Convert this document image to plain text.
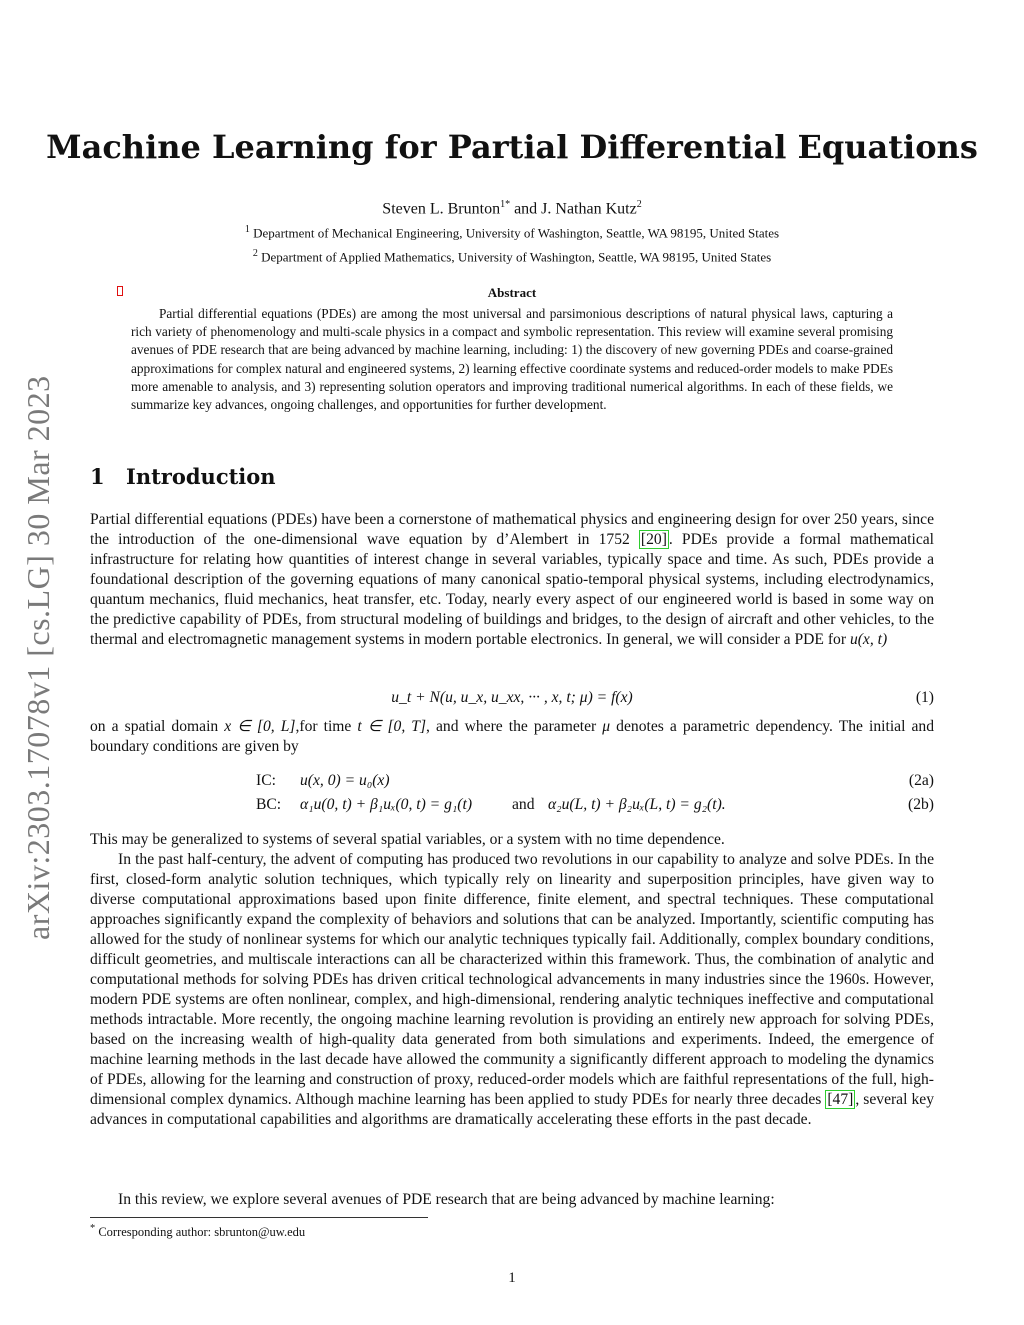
arXiv:2303.17078v1 [cs.LG] 30 Mar 2023
Machine Learning for Partial Differential Equations
Steven L. Brunton$^{1*}$ and J. Nathan Kutz$^2$
$^1$ Department of Mechanical Engineering, University of Washington, Seattle, WA 98195, United States
$^2$ Department of Applied Mathematics, University of Washington, Seattle, WA 98195, United States
Abstract
Partial differential equations (PDEs) are among the most universal and parsimonious descriptions of natural physical laws, capturing a rich variety of phenomenology and multi-scale physics in a compact and symbolic representation. This review will examine several promising avenues of PDE research that are being advanced by machine learning, including: 1) the discovery of new governing PDEs and coarse-grained approximations for complex natural and engineered systems, 2) learning effective coordinate systems and reduced-order models to make PDEs more amenable to analysis, and 3) representing solution operators and improving traditional numerical algorithms. In each of these fields, we summarize key advances, ongoing challenges, and opportunities for further development.
1 Introduction
Partial differential equations (PDEs) have been a cornerstone of mathematical physics and engineering design for over 250 years, since the introduction of the one-dimensional wave equation by d’Alembert in 1752 [20] . PDEs provide a formal mathematical infrastructure for relating how quantities of interest change in several variables, typically space and time. As such, PDEs provide a foundational description of the governing equations of many canonical spatio-temporal physical systems, including electrodynamics, quantum mechanics, fluid mechanics, heat transfer, etc. Today, nearly every aspect of our engineered world is based in some way on the predictive capability of PDEs, from structural modeling of buildings and bridges, to the design of aircraft and other vehicles, to the thermal and electromagnetic management systems in modern portable electronics. In general, we will consider a PDE for u(x, t)
u_t + N(u, u_x, u_xx, ··· , x, t; μ) = f(x)	(1)
on a spatial domain x ∈ [0, L],for time t ∈ [0, T], and where the parameter μ denotes a parametric dependency. The initial and boundary conditions are given by
IC: u(x, 0) = u₀(x)	(2a)
BC: α₁u(0, t) + β₁uₓ(0, t) = g₁(t)	and α₂u(L, t) + β₂uₓ(L, t) = g₂(t).	(2b)
This may be generalized to systems of several spatial variables, or a system with no time dependence.
In the past half-century, the advent of computing has produced two revolutions in our capability to analyze and solve PDEs. In the first, closed-form analytic solution techniques, which typically rely on linearity and superposition principles, have given way to diverse computational approximations based upon finite difference, finite element, and spectral techniques. These computational approaches significantly expand the complexity of behaviors and solutions that can be analyzed. Importantly, scientific computing has allowed for the study of nonlinear systems for which our analytic techniques typically fail. Additionally, complex boundary conditions, difficult geometries, and multiscale interactions can all be characterized within this framework. Thus, the combination of analytic and computational methods for solving PDEs has driven critical technological advancements in many industries since the 1960s. However, modern PDE systems are often nonlinear, complex, and high-dimensional, rendering analytic techniques ineffective and computational methods intractable. More recently, the ongoing machine learning revolution is providing an entirely new approach for solving PDEs, based on the increasing wealth of high-quality data generated from both simulations and experiments. Indeed, the emergence of machine learning methods in the last decade have allowed the community a significantly different approach to modeling the dynamics of PDEs, allowing for the learning and construction of proxy, reduced-order models which are faithful representations of the full, high-dimensional complex dynamics. Although machine learning has been applied to study PDEs for nearly three decades [47] , several key advances in computational capabilities and algorithms are dramatically accelerating these efforts in the past decade.
In this review, we explore several avenues of PDE research that are being advanced by machine learning:
* Corresponding author: sbrunton@uw.edu
1
